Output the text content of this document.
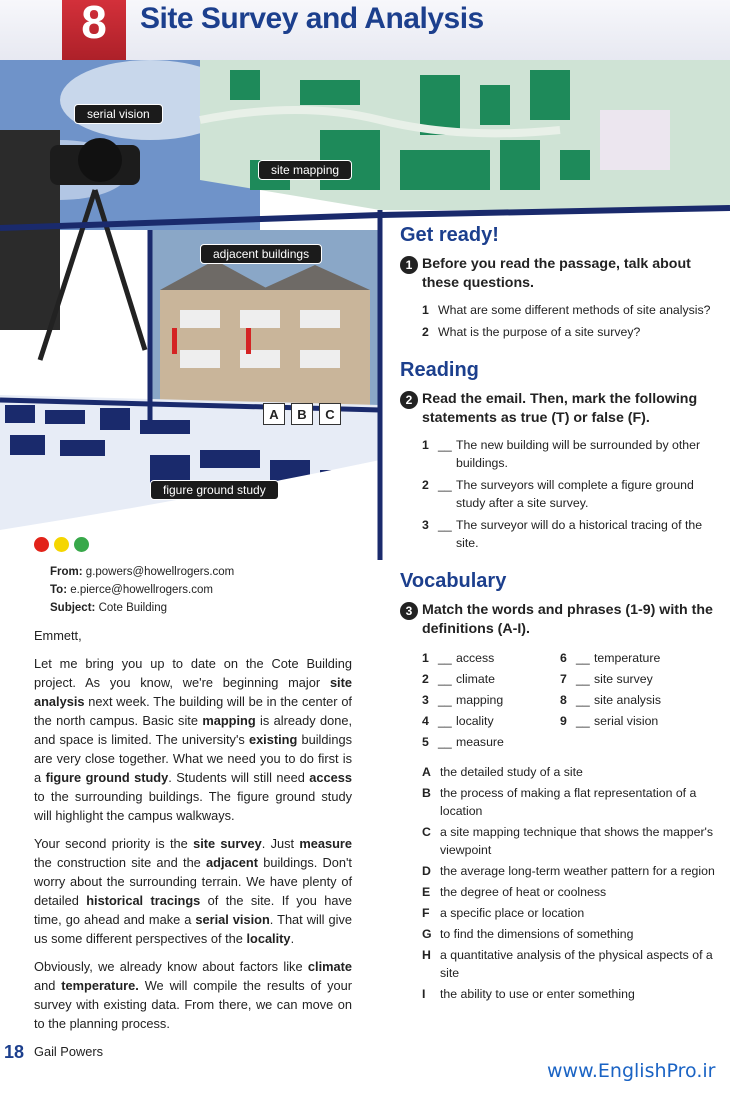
8 Site Survey and Analysis
serial vision
site mapping
adjacent buildings
figure ground study
A	B	C
From: g.powers@howellrogers.com
To: e.pierce@howellrogers.com
Subject: Cote Building

Emmett,

Let me bring you up to date on the Cote Building project. As you know, we're beginning major site analysis next week. The building will be in the center of the north campus. Basic site mapping is already done, and space is limited. The university's existing buildings are very close together. What we need you to do first is a figure ground study. Students will still need access to the surrounding buildings. The figure ground study will highlight the campus walkways.

Your second priority is the site survey. Just measure the construction site and the adjacent buildings. Don't worry about the surrounding terrain. We have plenty of detailed historical tracings of the site. If you have time, go ahead and make a serial vision. That will give us some different perspectives of the locality.

Obviously, we already know about factors like climate and temperature. We will compile the results of your survey with existing data. From there, we can move on to the planning process.

Gail Powers

18
Get ready!
1 Before you read the passage, talk about these questions.
1 What are some different methods of site analysis?
2 What is the purpose of a site survey?
Reading
2 Read the email. Then, mark the following statements as true (T) or false (F).
1 __ The new building will be surrounded by other buildings.
2 __ The surveyors will complete a figure ground study after a site survey.
3 __ The surveyor will do a historical tracing of the site.
Vocabulary
3 Match the words and phrases (1-9) with the definitions (A-I).
1 __ access	6 __ temperature
2 __ climate	7 __ site survey
3 __ mapping	8 __ site analysis
4 __ locality	9 __ serial vision
5 __ measure
A the detailed study of a site
B the process of making a flat representation of a location
C a site mapping technique that shows the mapper's viewpoint
D the average long-term weather pattern for a region
E the degree of heat or coolness
F a specific place or location
G to find the dimensions of something
H a quantitative analysis of the physical aspects of a site
I	the ability to use or enter something
www.EnglishPro.ir
